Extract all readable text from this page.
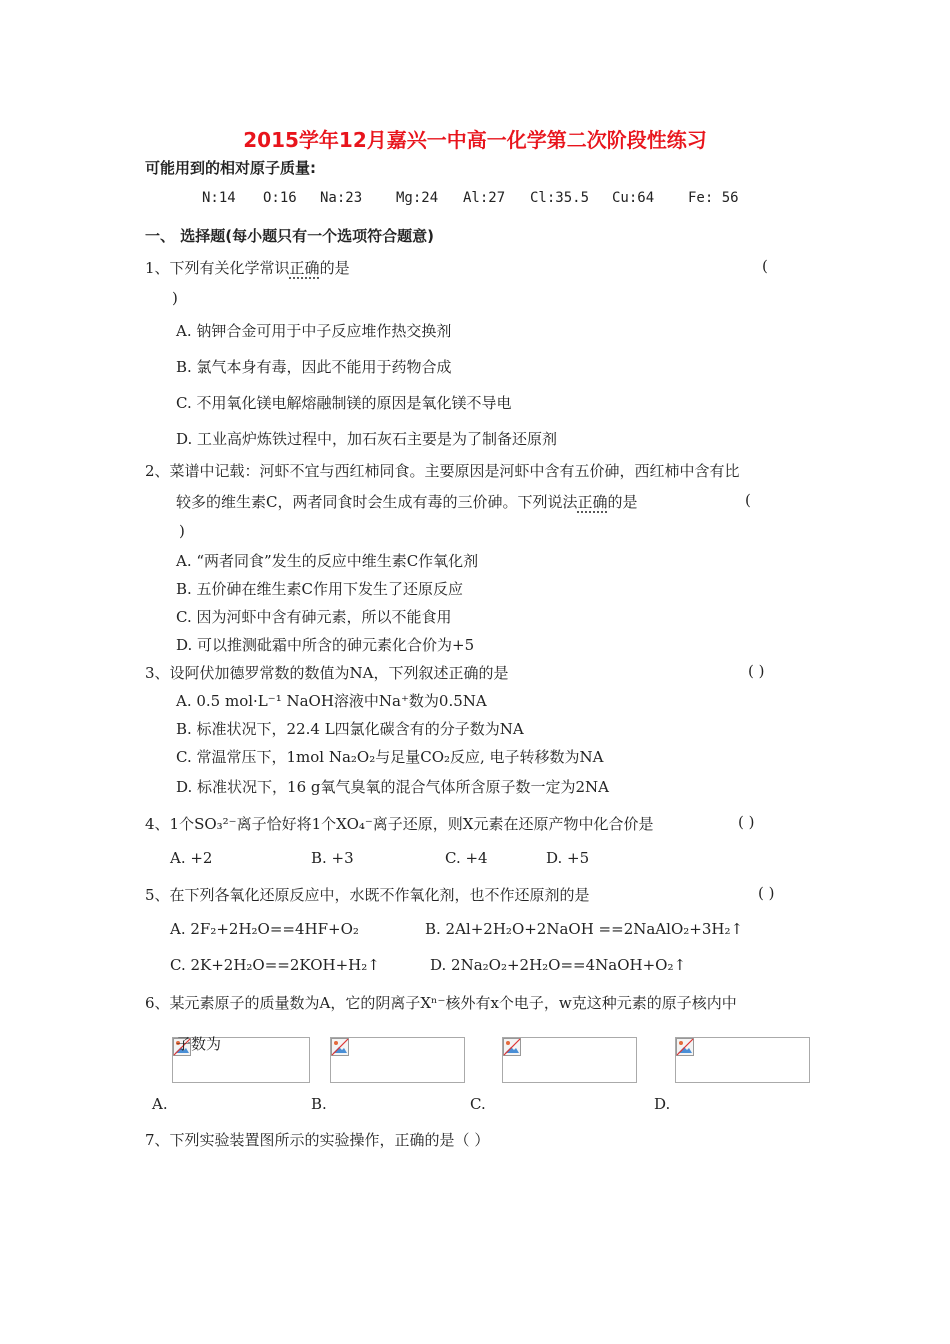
2015学年12月嘉兴一中高一化学第二次阶段性练习
可能用到的相对原子质量:
N:14 O:16 Na:23 Mg:24 Al:27 Cl:35.5 Cu:64 Fe: 56
一、 选择题(每小题只有一个选项符合题意)
1、下列有关化学常识正确的是	(
)
A. 钠钾合金可用于中子反应堆作热交换剂
B. 氯气本身有毒，因此不能用于药物合成
C. 不用氧化镁电解熔融制镁的原因是氧化镁不导电
D. 工业高炉炼铁过程中，加石灰石主要是为了制备还原剂
2、菜谱中记载：河虾不宜与西红柿同食。主要原因是河虾中含有五价砷，西红柿中含有比
较多的维生素C，两者同食时会生成有毒的三价砷。下列说法正确的是	(
)
A. “两者同食”发生的反应中维生素C作氧化剂
B. 五价砷在维生素C作用下发生了还原反应
C. 因为河虾中含有砷元素，所以不能食用
D. 可以推测砒霜中所含的砷元素化合价为+5
3、设阿伏加德罗常数的数值为NA，下列叙述正确的是	( )
A. 0.5 mol·L⁻¹ NaOH溶液中Na⁺数为0.5NA
B. 标准状况下，22.4 L四氯化碳含有的分子数为NA
C. 常温常压下，1mol Na₂O₂与足量CO₂反应, 电子转移数为NA
D. 标准状况下，16 g氧气臭氧的混合气体所含原子数一定为2NA
4、1个SO₃²⁻离子恰好将1个XO₄⁻离子还原，则X元素在还原产物中化合价是	( )
A. +2	B. +3	C. +4	D. +5
5、在下列各氧化还原反应中，水既不作氧化剂，也不作还原剂的是	( )
A. 2F₂+2H₂O==4HF+O₂	B. 2Al+2H₂O+2NaOH ==2NaAlO₂+3H₂↑
C. 2K+2H₂O==2KOH+H₂↑	D. 2Na₂O₂+2H₂O==4NaOH+O₂↑
6、某元素原子的质量数为A，它的阴离子Xⁿ⁻核外有x个电子，w克这种元素的原子核内中
子数为
A.	B.	C.	D.
7、下列实验装置图所示的实验操作，正确的是（ ）
